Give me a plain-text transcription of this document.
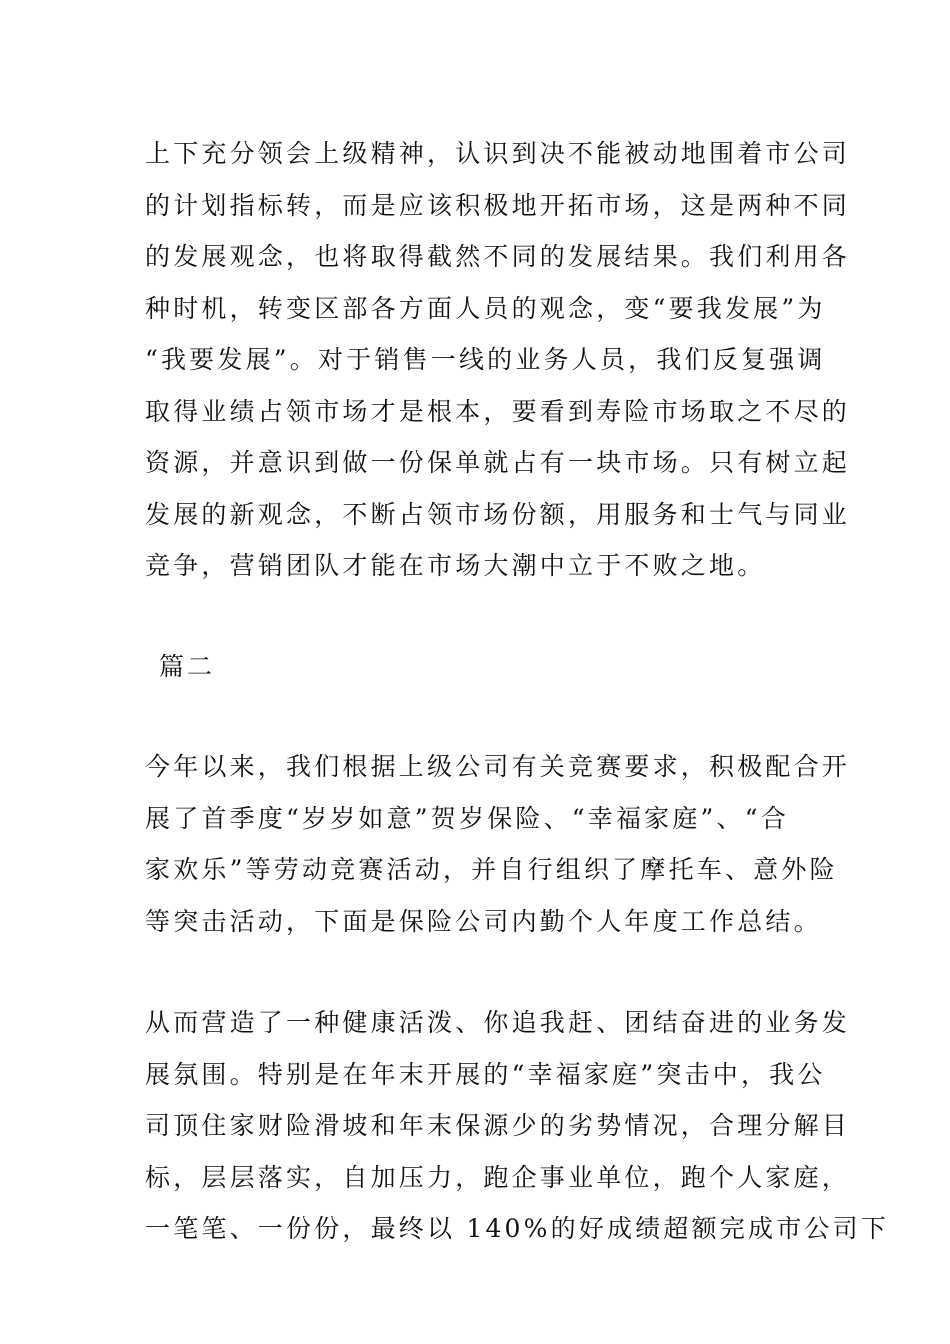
上下充分领会上级精神，认识到决不能被动地围着市公司
的计划指标转，而是应该积极地开拓市场，这是两种不同
的发展观念，也将取得截然不同的发展结果。我们利用各
种时机，转变区部各方面人员的观念，变“要我发展”为
“我要发展”。对于销售一线的业务人员，我们反复强调
取得业绩占领市场才是根本，要看到寿险市场取之不尽的
资源，并意识到做一份保单就占有一块市场。只有树立起
发展的新观念，不断占领市场份额，用服务和士气与同业
竞争，营销团队才能在市场大潮中立于不败之地。
篇二
今年以来，我们根据上级公司有关竞赛要求，积极配合开
展了首季度“岁岁如意”贺岁保险、“幸福家庭”、“合
家欢乐”等劳动竞赛活动，并自行组织了摩托车、意外险
等突击活动，下面是保险公司内勤个人年度工作总结。
从而营造了一种健康活泼、你追我赶、团结奋进的业务发
展氛围。特别是在年末开展的“幸福家庭”突击中，我公
司顶住家财险滑坡和年末保源少的劣势情况，合理分解目
标，层层落实，自加压力，跑企事业单位，跑个人家庭，
一笔笔、一份份，最终以 140%的好成绩超额完成市公司下
